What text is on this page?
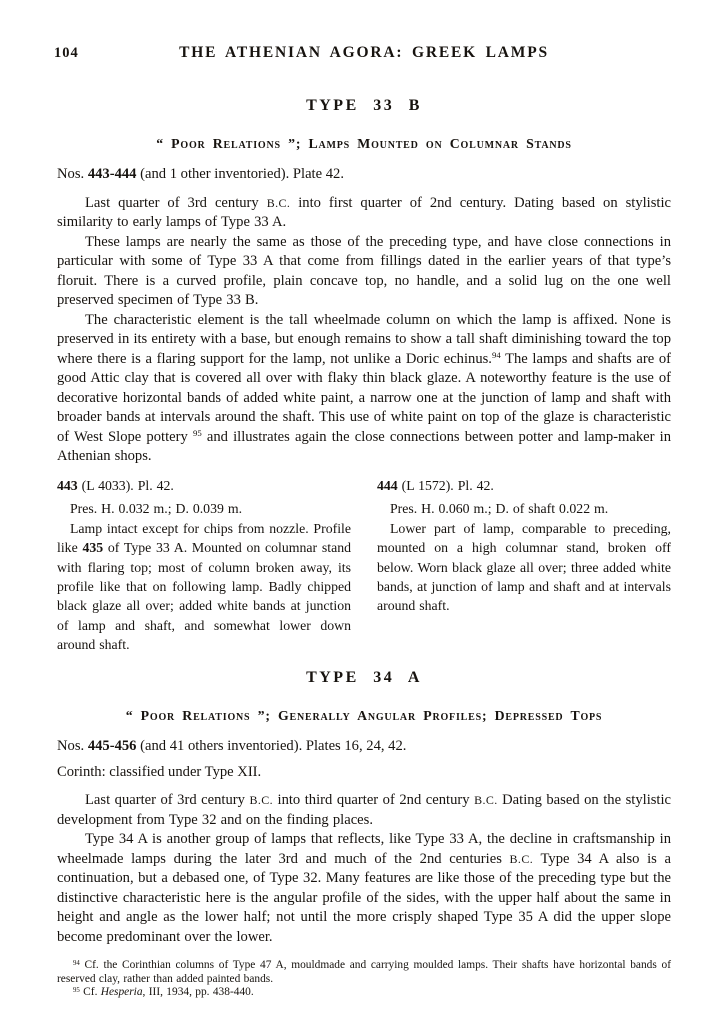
104	THE ATHENIAN AGORA: GREEK LAMPS
TYPE 33 B
“ Poor Relations ”; Lamps Mounted on Columnar Stands

Nos. 443-444 (and 1 other inventoried). Plate 42.

Last quarter of 3rd century B.C. into first quarter of 2nd century. Dating based on stylistic similarity to early lamps of Type 33 A.

These lamps are nearly the same as those of the preceding type, and have close connections in particular with some of Type 33 A that come from fillings dated in the earlier years of that type’s floruit. There is a curved profile, plain concave top, no handle, and a solid lug on the one well preserved specimen of Type 33 B.

The characteristic element is the tall wheelmade column on which the lamp is affixed. None is preserved in its entirety with a base, but enough remains to show a tall shaft diminishing toward the top where there is a flaring support for the lamp, not unlike a Doric echinus.$^{94}$ The lamps and shafts are of good Attic clay that is covered all over with flaky thin black glaze. A noteworthy feature is the use of decorative horizontal bands of added white paint, a narrow one at the junction of lamp and shaft with broader bands at intervals around the shaft. This use of white paint on top of the glaze is characteristic of West Slope pottery $^{95}$ and illustrates again the close connections between potter and lamp-maker in Athenian shops.

443 (L 4033). Pl. 42.

Pres. H. 0.032 m.; D. 0.039 m.

Lamp intact except for chips from nozzle. Profile like 435 of Type 33 A. Mounted on columnar stand with flaring top; most of column broken away, its profile like that on following lamp. Badly chipped black glaze all over; added white bands at junction of lamp and shaft, and somewhat lower down around shaft.

444 (L 1572). Pl. 42.

Pres. H. 0.060 m.; D. of shaft 0.022 m.

Lower part of lamp, comparable to preceding, mounted on a high columnar stand, broken off below. Worn black glaze all over; three added white bands, at junction of lamp and shaft and at intervals around shaft.

TYPE 34 A
“ Poor Relations ”; Generally Angular Profiles; Depressed Tops

Nos. 445-456 (and 41 others inventoried). Plates 16, 24, 42.

Corinth: classified under Type XII.

Last quarter of 3rd century B.C. into third quarter of 2nd century B.C. Dating based on the stylistic development from Type 32 and on the finding places.

Type 34 A is another group of lamps that reflects, like Type 33 A, the decline in craftsmanship in wheelmade lamps during the later 3rd and much of the 2nd centuries B.C. Type 34 A also is a continuation, but a debased one, of Type 32. Many features are like those of the preceding type but the distinctive characteristic here is the angular profile of the sides, with the upper half about the same in height and angle as the lower half; not until the more crisply shaped Type 35 A did the upper slope become predominant over the lower.

$^{94}$ Cf. the Corinthian columns of Type 47 A, mouldmade and carrying moulded lamps. Their shafts have horizontal bands of reserved clay, rather than added painted bands.

$^{95}$ Cf. Hesperia, III, 1934, pp. 438-440.
